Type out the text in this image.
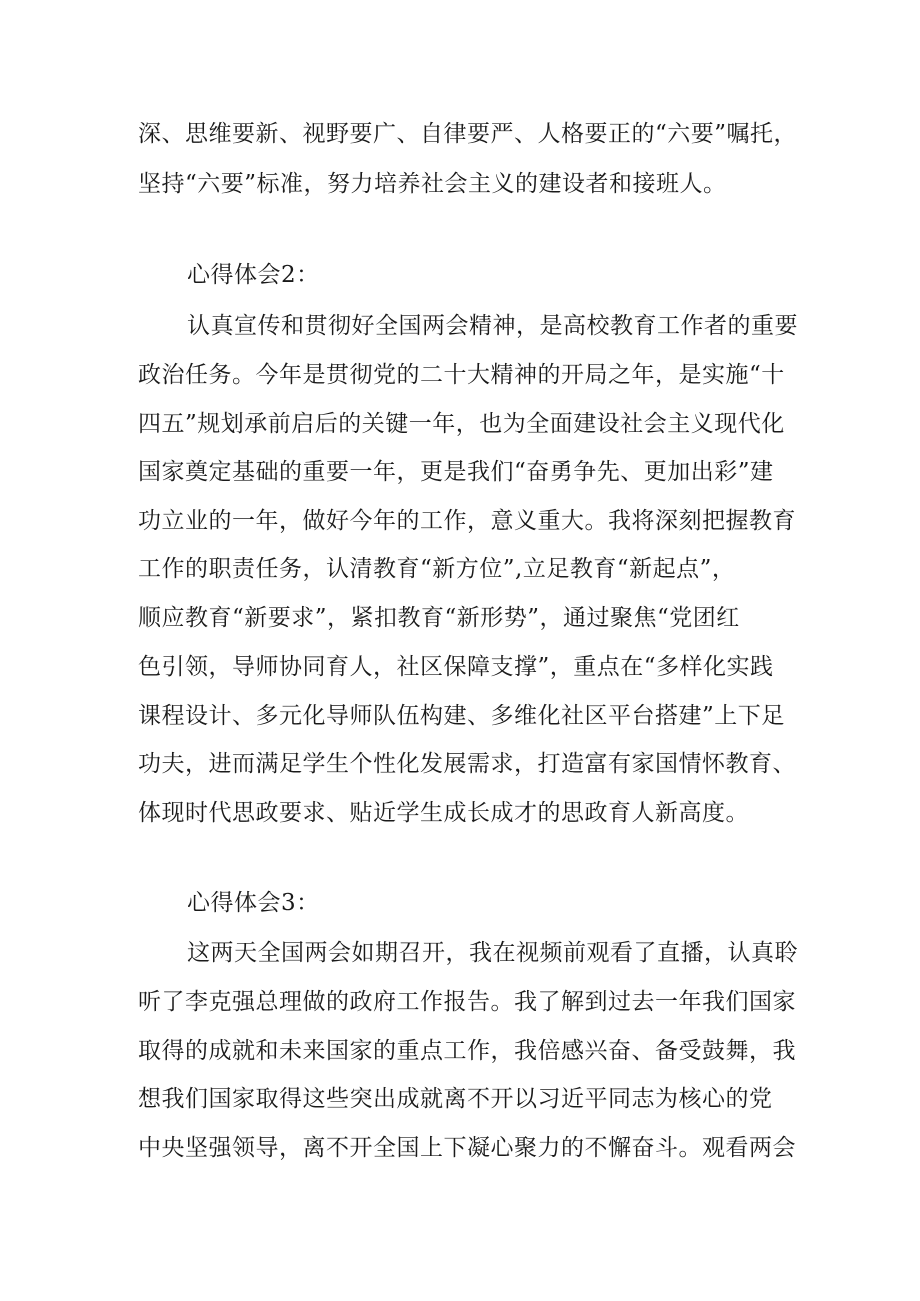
深、思维要新、视野要广、自律要严、人格要正的“六要”嘱托，
坚持“六要”标准，努力培养社会主义的建设者和接班人。
心得体会2：
认真宣传和贯彻好全国两会精神，是高校教育工作者的重要
政治任务。今年是贯彻党的二十大精神的开局之年，是实施“十
四五”规划承前启后的关键一年，也为全面建设社会主义现代化
国家奠定基础的重要一年，更是我们“奋勇争先、更加出彩”建
功立业的一年，做好今年的工作，意义重大。我将深刻把握教育
工作的职责任务，认清教育“新方位”,立足教育“新起点”，
顺应教育“新要求”，紧扣教育“新形势”，通过聚焦“党团红
色引领，导师协同育人，社区保障支撑”，重点在“多样化实践
课程设计、多元化导师队伍构建、多维化社区平台搭建”上下足
功夫，进而满足学生个性化发展需求，打造富有家国情怀教育、
体现时代思政要求、贴近学生成长成才的思政育人新高度。
心得体会3：
这两天全国两会如期召开，我在视频前观看了直播，认真聆
听了李克强总理做的政府工作报告。我了解到过去一年我们国家
取得的成就和未来国家的重点工作，我倍感兴奋、备受鼓舞，我
想我们国家取得这些突出成就离不开以习近平同志为核心的党
中央坚强领导，离不开全国上下凝心聚力的不懈奋斗。观看两会
